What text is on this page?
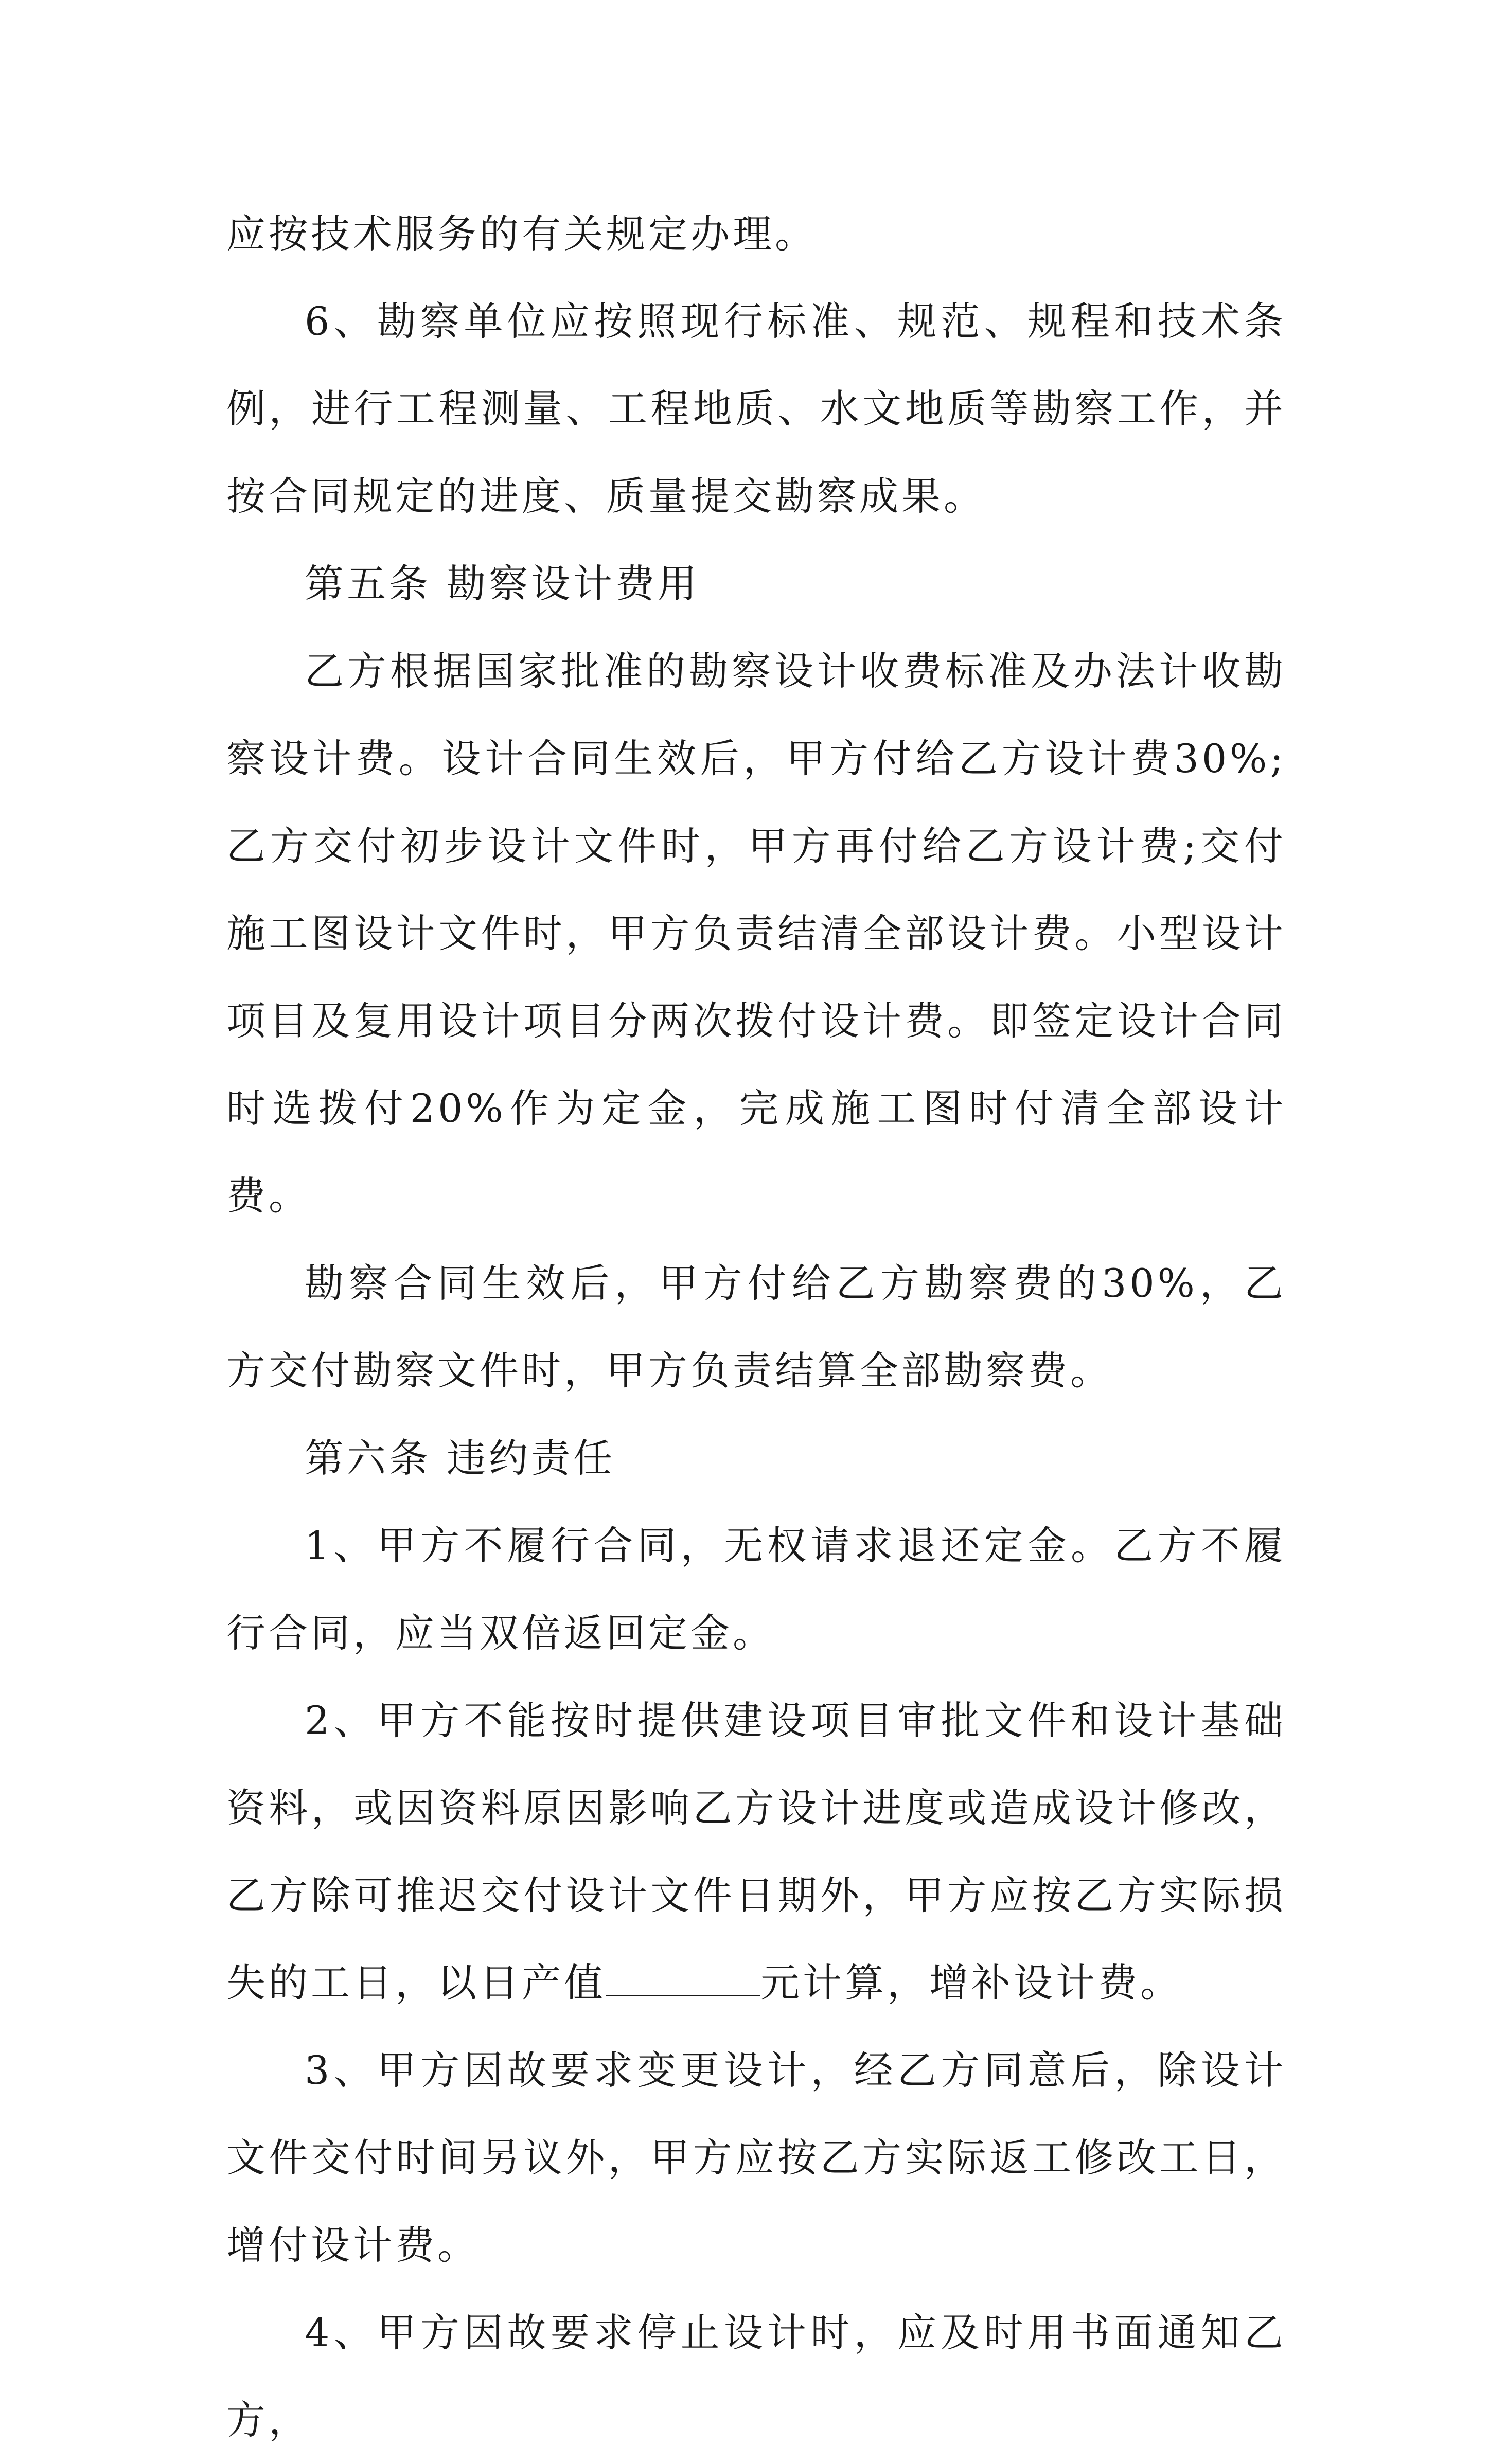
应按技术服务的有关规定办理。

6、勘察单位应按照现行标准、规范、规程和技术条例，进行工程测量、工程地质、水文地质等勘察工作，并按合同规定的进度、质量提交勘察成果。

第五条 勘察设计费用

乙方根据国家批准的勘察设计收费标准及办法计收勘察设计费。设计合同生效后，甲方付给乙方设计费30%;乙方交付初步设计文件时，甲方再付给乙方设计费;交付施工图设计文件时，甲方负责结清全部设计费。小型设计项目及复用设计项目分两次拨付设计费。即签定设计合同时选拨付20%作为定金，完成施工图时付清全部设计费。

勘察合同生效后，甲方付给乙方勘察费的30%，乙方交付勘察文件时，甲方负责结算全部勘察费。

第六条 违约责任

1、甲方不履行合同，无权请求退还定金。乙方不履行合同，应当双倍返回定金。

2、甲方不能按时提供建设项目审批文件和设计基础资料，或因资料原因影响乙方设计进度或造成设计修改，乙方除可推迟交付设计文件日期外，甲方应按乙方实际损失的工日，以日产值	元计算，增补设计费。

3、甲方因故要求变更设计，经乙方同意后，除设计文件交付时间另议外，甲方应按乙方实际返工修改工日，增付设计费。

4、甲方因故要求停止设计时，应及时用书面通知乙方，
